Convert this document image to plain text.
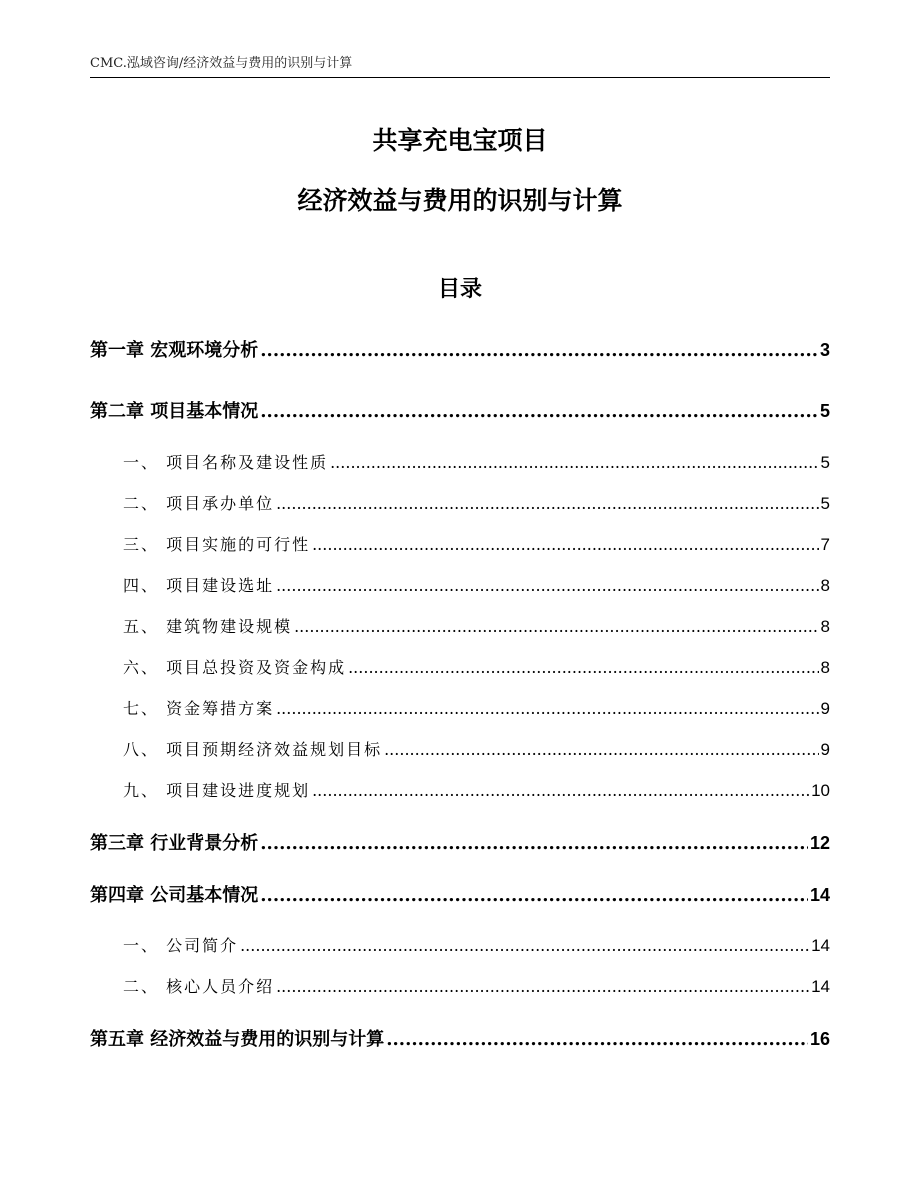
CMC.泓域咨询/经济效益与费用的识别与计算
共享充电宝项目
经济效益与费用的识别与计算
目录
第一章 宏观环境分析 .....	3
第二章 项目基本情况 .....	5
一、 项目名称及建设性质 .....	5
二、 项目承办单位 .....	5
三、 项目实施的可行性 .....	7
四、 项目建设选址 .....	8
五、 建筑物建设规模 .....	8
六、 项目总投资及资金构成 .....	8
七、 资金筹措方案 .....	9
八、 项目预期经济效益规划目标 .....	9
九、 项目建设进度规划 .....	10
第三章 行业背景分析 .....	12
第四章 公司基本情况 .....	14
一、 公司简介 .....	14
二、 核心人员介绍 .....	14
第五章 经济效益与费用的识别与计算 .....	16
